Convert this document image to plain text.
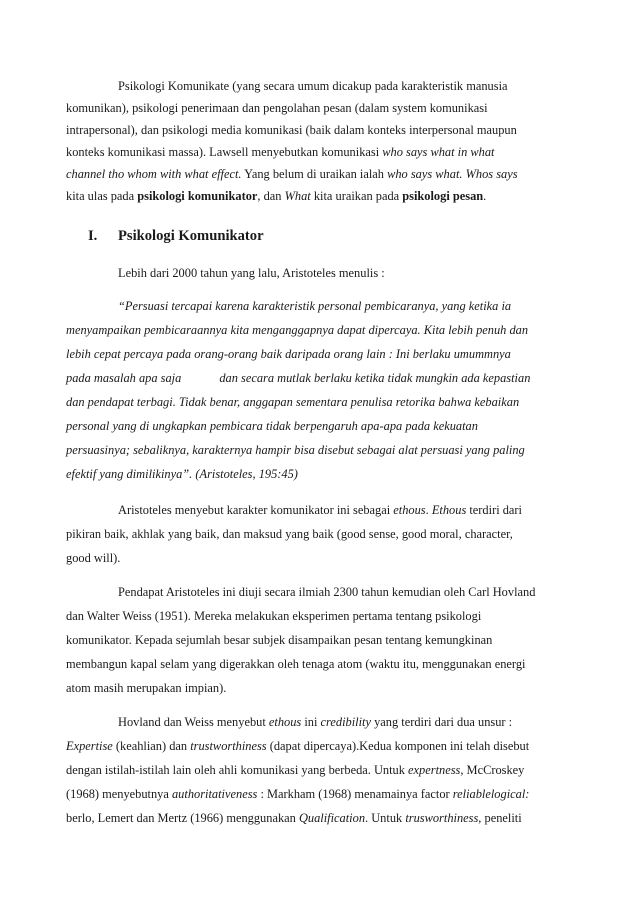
Psikologi Komunikate (yang secara umum dicakup pada karakteristik manusia
komunikan), psikologi penerimaan dan pengolahan pesan (dalam system komunikasi
intrapersonal), dan psikologi media komunikasi (baik dalam konteks interpersonal maupun
konteks komunikasi massa). Lawsell menyebutkan komunikasi who says what in what
channel tho whom with what effect. Yang belum di uraikan ialah who says what. Whos says
kita ulas pada psikologi komunikator, dan What kita uraikan pada psikologi pesan.
I. Psikologi Komunikator
Lebih dari 2000 tahun yang lalu, Aristoteles menulis :
“Persuasi tercapai karena karakteristik personal pembicaranya, yang ketika ia
menyampaikan pembicaraannya kita menganggapnya dapat dipercaya. Kita lebih penuh dan
lebih cepat percaya pada orang-orang baik daripada orang lain : Ini berlaku umummnya
pada masalah apa saja	dan secara mutlak berlaku ketika tidak mungkin ada kepastian
dan pendapat terbagi. Tidak benar, anggapan sementara penulisa retorika bahwa kebaikan
personal yang di ungkapkan pembicara tidak berpengaruh apa-apa pada kekuatan
persuasinya; sebaliknya, karakternya hampir bisa disebut sebagai alat persuasi yang paling
efektif yang dimilikinya”. (Aristoteles, 195:45)
Aristoteles menyebut karakter komunikator ini sebagai ethous. Ethous terdiri dari
pikiran baik, akhlak yang baik, dan maksud yang baik (good sense, good moral, character,
good will).
Pendapat Aristoteles ini diuji secara ilmiah 2300 tahun kemudian oleh Carl Hovland
dan Walter Weiss (1951). Mereka melakukan eksperimen pertama tentang psikologi
komunikator. Kepada sejumlah besar subjek disampaikan pesan tentang kemungkinan
membangun kapal selam yang digerakkan oleh tenaga atom (waktu itu, menggunakan energi
atom masih merupakan impian).
Hovland dan Weiss menyebut ethous ini credibility yang terdiri dari dua unsur :
Expertise (keahlian) dan trustworthiness (dapat dipercaya).Kedua komponen ini telah disebut
dengan istilah-istilah lain oleh ahli komunikasi yang berbeda. Untuk expertness, McCroskey
(1968) menyebutnya authoritativeness : Markham (1968) menamainya factor reliablelogical:
berlo, Lemert dan Mertz (1966) menggunakan Qualification. Untuk trusworthiness, peneliti
